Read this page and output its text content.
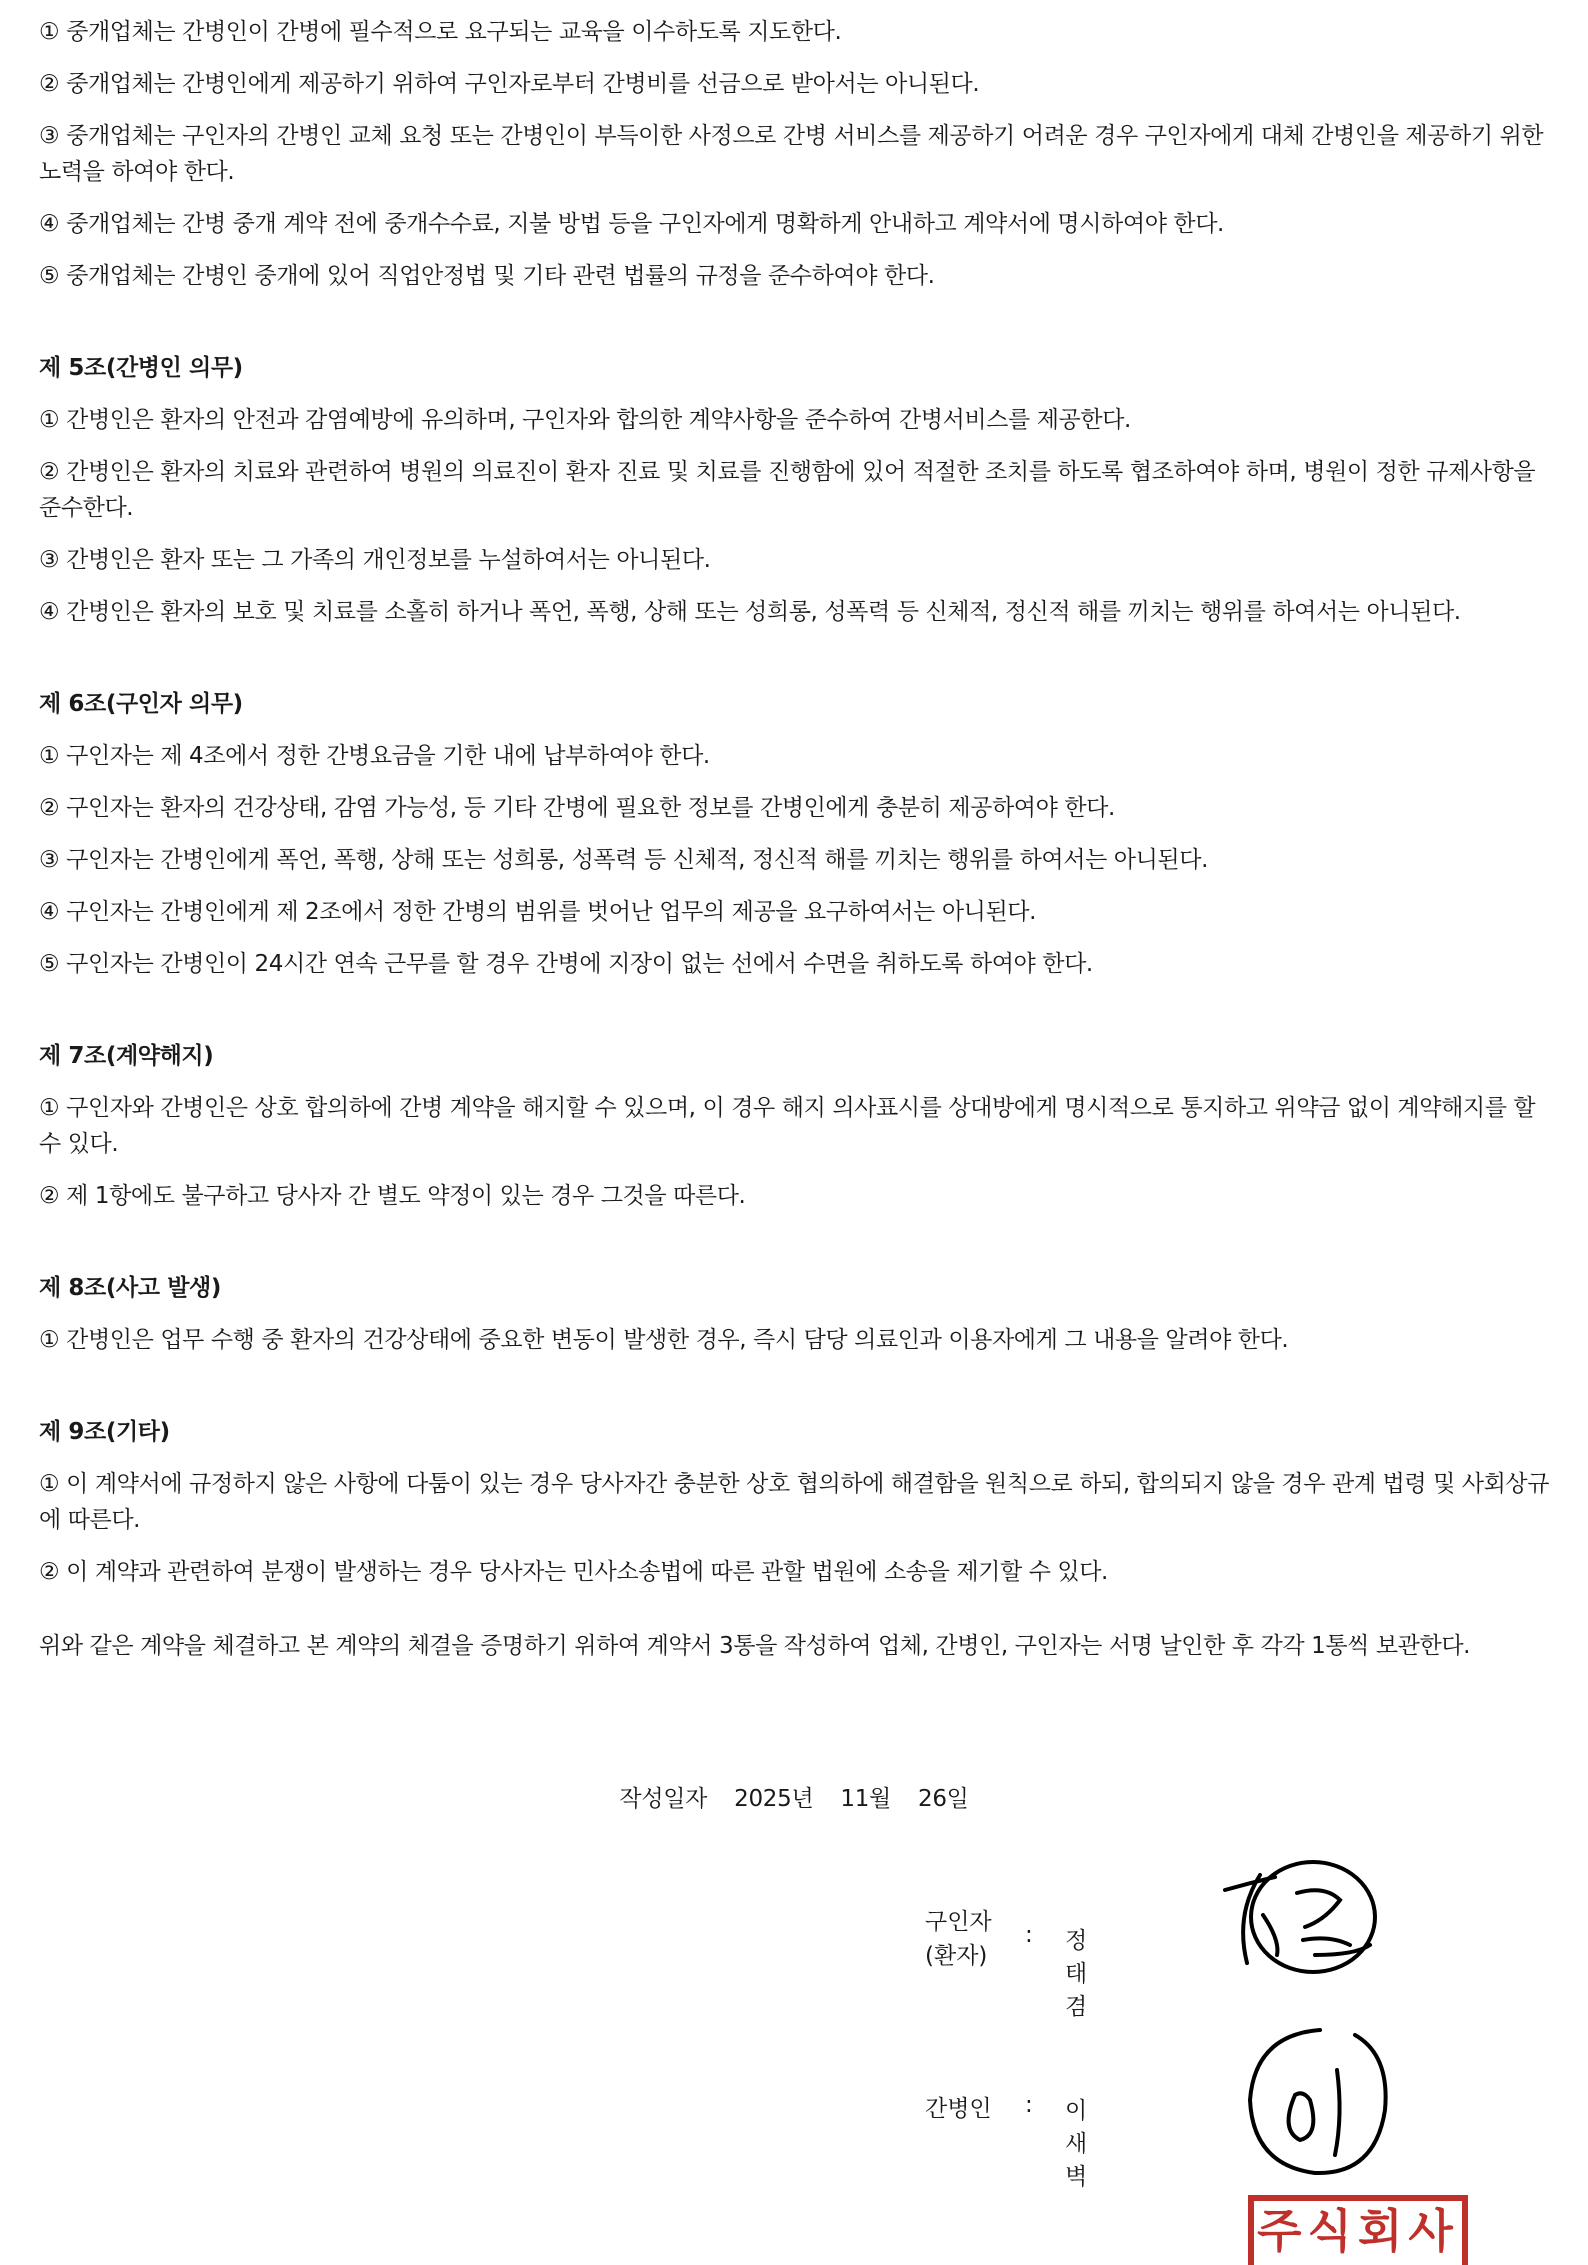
① 중개업체는 간병인이 간병에 필수적으로 요구되는 교육을 이수하도록 지도한다.

② 중개업체는 간병인에게 제공하기 위하여 구인자로부터 간병비를 선금으로 받아서는 아니된다.

③ 중개업체는 구인자의 간병인 교체 요청 또는 간병인이 부득이한 사정으로 간병 서비스를 제공하기 어려운 경우 구인자에게 대체 간병인을 제공하기 위한 노력을 하여야 한다.

④ 중개업체는 간병 중개 계약 전에 중개수수료, 지불 방법 등을 구인자에게 명확하게 안내하고 계약서에 명시하여야 한다.

⑤ 중개업체는 간병인 중개에 있어 직업안정법 및 기타 관련 법률의 규정을 준수하여야 한다.

제 5조(간병인 의무)

① 간병인은 환자의 안전과 감염예방에 유의하며, 구인자와 합의한 계약사항을 준수하여 간병서비스를 제공한다.

② 간병인은 환자의 치료와 관련하여 병원의 의료진이 환자 진료 및 치료를 진행함에 있어 적절한 조치를 하도록 협조하여야 하며, 병원이 정한 규제사항을 준수한다.

③ 간병인은 환자 또는 그 가족의 개인정보를 누설하여서는 아니된다.

④ 간병인은 환자의 보호 및 치료를 소홀히 하거나 폭언, 폭행, 상해 또는 성희롱, 성폭력 등 신체적, 정신적 해를 끼치는 행위를 하여서는 아니된다.

제 6조(구인자 의무)

① 구인자는 제 4조에서 정한 간병요금을 기한 내에 납부하여야 한다.

② 구인자는 환자의 건강상태, 감염 가능성, 등 기타 간병에 필요한 정보를 간병인에게 충분히 제공하여야 한다.

③ 구인자는 간병인에게 폭언, 폭행, 상해 또는 성희롱, 성폭력 등 신체적, 정신적 해를 끼치는 행위를 하여서는 아니된다.

④ 구인자는 간병인에게 제 2조에서 정한 간병의 범위를 벗어난 업무의 제공을 요구하여서는 아니된다.

⑤ 구인자는 간병인이 24시간 연속 근무를 할 경우 간병에 지장이 없는 선에서 수면을 취하도록 하여야 한다.

제 7조(계약해지)

① 구인자와 간병인은 상호 합의하에 간병 계약을 해지할 수 있으며, 이 경우 해지 의사표시를 상대방에게 명시적으로 통지하고 위약금 없이 계약해지를 할 수 있다.

② 제 1항에도 불구하고 당사자 간 별도 약정이 있는 경우 그것을 따른다.

제 8조(사고 발생)

① 간병인은 업무 수행 중 환자의 건강상태에 중요한 변동이 발생한 경우, 즉시 담당 의료인과 이용자에게 그 내용을 알려야 한다.

제 9조(기타)

① 이 계약서에 규정하지 않은 사항에 다툼이 있는 경우 당사자간 충분한 상호 협의하에 해결함을 원칙으로 하되, 합의되지 않을 경우 관계 법령 및 사회상규에 따른다.

② 이 계약과 관련하여 분쟁이 발생하는 경우 당사자는 민사소송법에 따른 관할 법원에 소송을 제기할 수 있다.

위와 같은 계약을 체결하고 본 계약의 체결을 증명하기 위하여 계약서 3통을 작성하여 업체, 간병인, 구인자는 서명 날인한 후 각각 1통씩 보관한다.

작성일자 2025년 11월 26일
구인자
(환자)
: 정태겸
간병인	: 이새벽
주식회사
